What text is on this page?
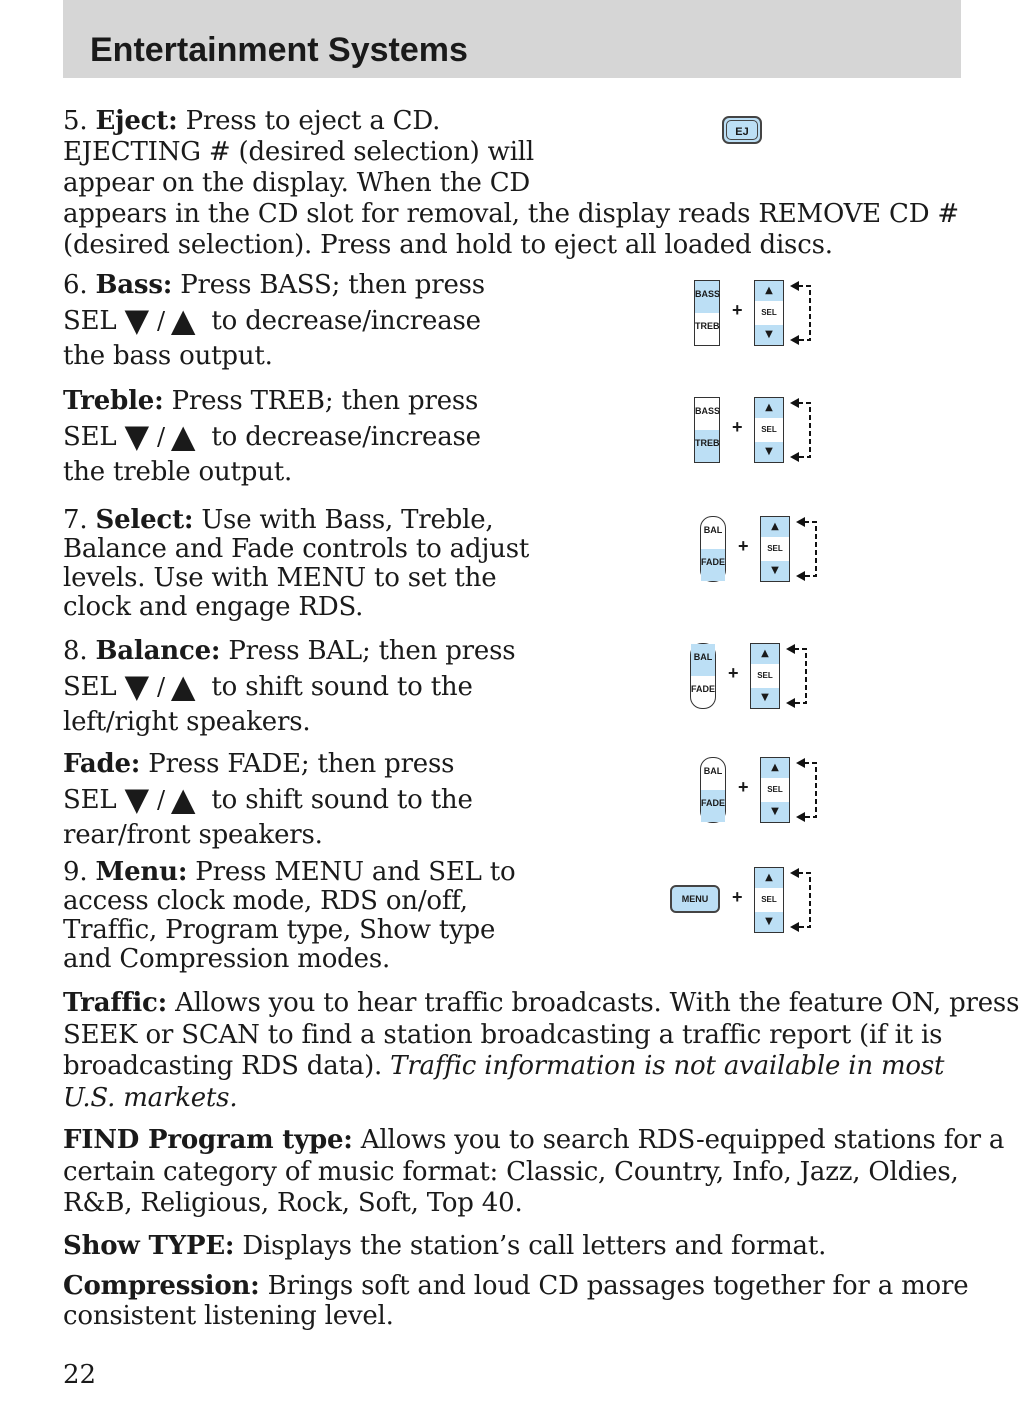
Entertainment Systems
5. Eject: Press to eject a CD.
EJECTING # (desired selection) will
appear on the display. When the CD
appears in the CD slot for removal, the display reads REMOVE CD #
(desired selection). Press and hold to eject all loaded discs.
EJ
6. Bass: Press BASS; then press
SEL ▼ / ▲ to decrease/increase
the bass output.
Treble: Press TREB; then press
SEL ▼ / ▲ to decrease/increase
the treble output.
7. Select: Use with Bass, Treble,
Balance and Fade controls to adjust
levels. Use with MENU to set the
clock and engage RDS.
8. Balance: Press BAL; then press
SEL ▼ / ▲ to shift sound to the
left/right speakers.
Fade: Press FADE; then press
SEL ▼ / ▲ to shift sound to the
rear/front speakers.
9. Menu: Press MENU and SEL to
access clock mode, RDS on/off,
Traffic, Program type, Show type
and Compression modes.
Traffic: Allows you to hear traffic broadcasts. With the feature ON, press
SEEK or SCAN to find a station broadcasting a traffic report (if it is
broadcasting RDS data). Traffic information is not available in most
U.S. markets.
FIND Program type: Allows you to search RDS-equipped stations for a
certain category of music format: Classic, Country, Info, Jazz, Oldies,
R&B, Religious, Rock, Soft, Top 40.
Show TYPE: Displays the station’s call letters and format.
Compression: Brings soft and loud CD passages together for a more
consistent listening level.
22
BASS
TREB
+
▲
SEL
▼
BASS
TREB
+
▲
SEL
▼
BAL
FADE
+
▲
SEL
▼
BAL
FADE
+
▲
SEL
▼
BAL
FADE
+
▲
SEL
▼
MENU	+
▲
SEL
▼
